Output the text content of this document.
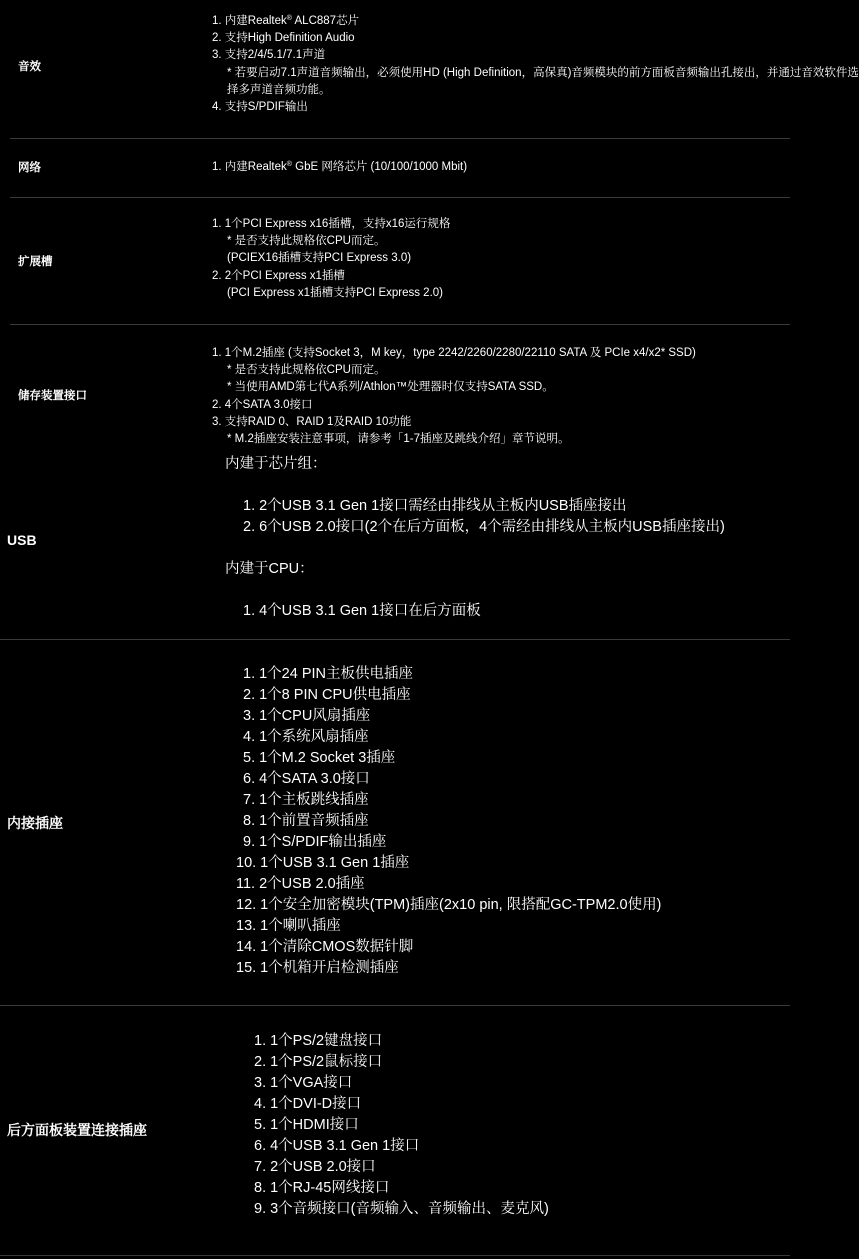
音效
1. 内建Realtek® ALC887芯片
2. 支持High Definition Audio
3. 支持2/4/5.1/7.1声道
* 若要启动7.1声道音频输出，必须使用HD (High Definition，高保真)音频模块的前方面板音频输出孔接出，并通过音效软件选
择多声道音频功能。
4. 支持S/PDIF输出
网络	1. 内建Realtek® GbE 网络芯片 (10/100/1000 Mbit)
扩展槽
1. 1个PCI Express x16插槽，支持x16运行规格
* 是否支持此规格依CPU而定。
(PCIEX16插槽支持PCI Express 3.0)
2. 2个PCI Express x1插槽
(PCI Express x1插槽支持PCI Express 2.0)
储存装置接口
1. 1个M.2插座 (支持Socket 3，M key，type 2242/2260/2280/22110 SATA 及 PCIe x4/x2* SSD)
* 是否支持此规格依CPU而定。
* 当使用AMD第七代A系列/Athlon™处理器时仅支持SATA SSD。
2. 4个SATA 3.0接口
3. 支持RAID 0、RAID 1及RAID 10功能
* M.2插座安装注意事项，请参考「1-7插座及跳线介绍」章节说明。
USB
内建于芯片组：
1. 2个USB 3.1 Gen 1接口需经由排线从主板内USB插座接出
2. 6个USB 2.0接口(2个在后方面板，4个需经由排线从主板内USB插座接出)
内建于CPU：
1. 4个USB 3.1 Gen 1接口在后方面板
内接插座
1. 1个24 PIN主板供电插座
2. 1个8 PIN CPU供电插座
3. 1个CPU风扇插座
4. 1个系统风扇插座
5. 1个M.2 Socket 3插座
6. 4个SATA 3.0接口
7. 1个主板跳线插座
8. 1个前置音频插座
9. 1个S/PDIF输出插座
10. 1个USB 3.1 Gen 1插座
11. 2个USB 2.0插座
12. 1个安全加密模块(TPM)插座(2x10 pin, 限搭配GC-TPM2.0使用)
13. 1个喇叭插座
14. 1个清除CMOS数据针脚
15. 1个机箱开启检测插座
后方面板装置连接插座
1. 1个PS/2键盘接口
2. 1个PS/2鼠标接口
3. 1个VGA接口
4. 1个DVI-D接口
5. 1个HDMI接口
6. 4个USB 3.1 Gen 1接口
7. 2个USB 2.0接口
8. 1个RJ-45网线接口
9. 3个音频接口(音频输入、音频输出、麦克风)
